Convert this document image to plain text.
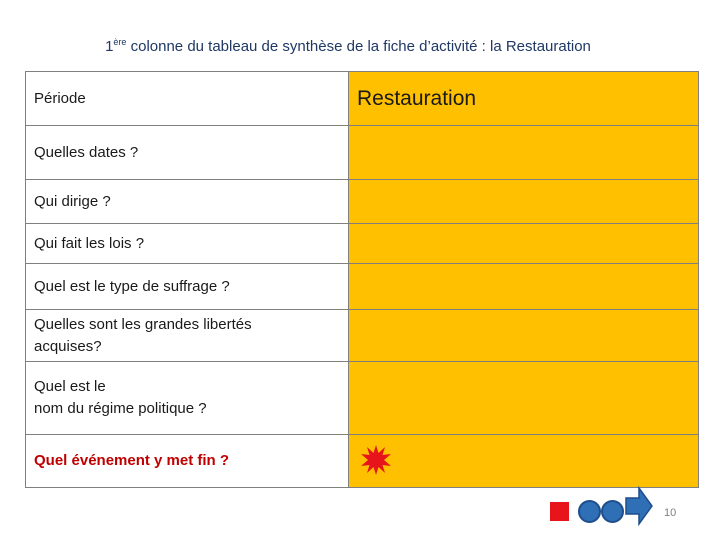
1ère colonne du tableau de synthèse de la fiche d’activité : la Restauration
Période	Restauration
Quelles dates ?
Qui dirige ?
Qui fait les lois ?
Quel est le type de suffrage ?
Quelles sont les grandes libertés
acquises?
Quel est le
nom du régime politique ?
Quel événement y met fin ?
10
